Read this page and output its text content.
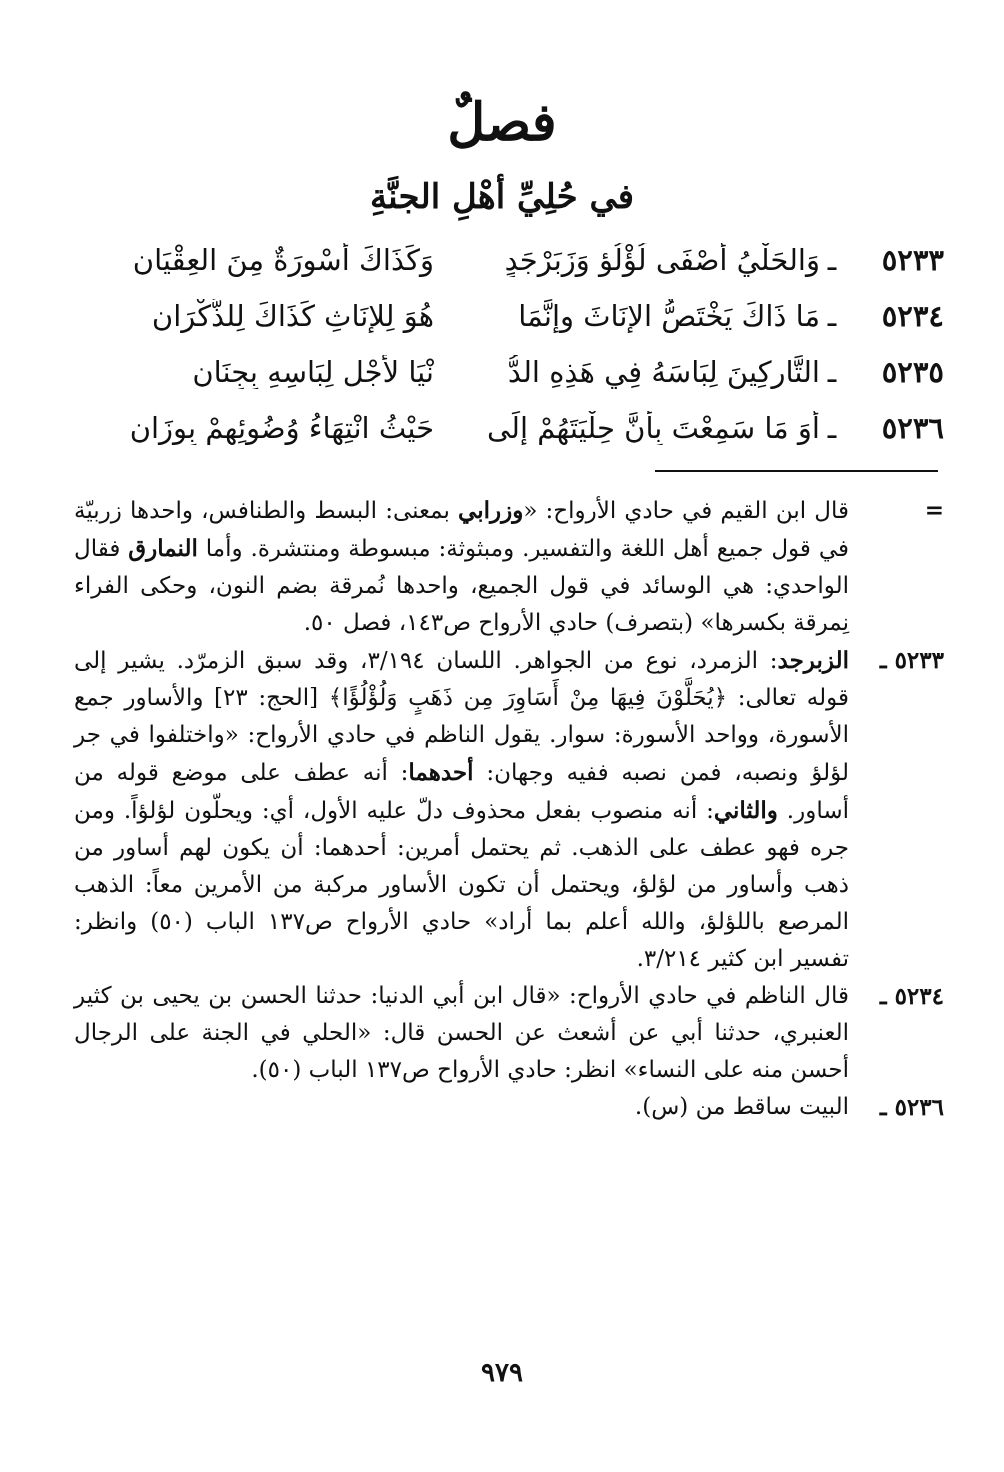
فصلٌ
في حُلِيِّ أهْلِ الجنَّةِ
٥٢٣٣
ـ
وَالحَلْيُ أَصْفَى لُؤْلُؤٍ وَزَبَرْجَدٍ
وَكَذَاكَ أَسْوِرَةٌ مِنَ العِقْيَانِ
٥٢٣٤
ـ
مَا ذَاكَ يَخْتَصُّ الإنَاثَ وإنَّمَا
هُوَ لِلإنَاثِ كَذَاكَ لِلذُّكْرَانِ
٥٢٣٥
ـ
التَّارِكِينَ لِبَاسَهُ فِي هَذِهِ الدُّ
نْيَا لأجْلِ لِبَاسِهِ بِجِنَانِ
٥٢٣٦
ـ
أوَ مَا سَمِعْتَ بِأنَّ حِلْيَتَهُمْ إلَى
حَيْثُ انْتِهَاءُ وُضُوئِهِمْ بِوزَانِ
=
قال ابن القيم في حادي الأرواح: «وزرابي بمعنى: البسط والطنافس، واحدها زربيّة في قول جميع أهل اللغة والتفسير. ومبثوثة: مبسوطة ومنتشرة. وأما النمارق فقال الواحدي: هي الوسائد في قول الجميع، واحدها نُمرقة بضم النون، وحكى الفراء نِمرقة بكسرها» (بتصرف) حادي الأرواح ص١٤٣، فصل ٥٠.
٥٢٣٣ ـ
الزبرجد: الزمرد، نوع من الجواهر. اللسان ٣/١٩٤، وقد سبق الزمرّد. يشير إلى قوله تعالى: ﴿يُحَلَّوْنَ فِيهَا مِنْ أَسَاوِرَ مِن ذَهَبٍ وَلُؤْلُؤًا﴾ [الحج: ٢٣] والأساور جمع الأسورة، وواحد الأسورة: سوار. يقول الناظم في حادي الأرواح: «واختلفوا في جر لؤلؤ ونصبه، فمن نصبه ففيه وجهان: أحدهما: أنه عطف على موضع قوله من أساور. والثاني: أنه منصوب بفعل محذوف دلّ عليه الأول، أي: ويحلّون لؤلؤاً. ومن جره فهو عطف على الذهب. ثم يحتمل أمرين: أحدهما: أن يكون لهم أساور من ذهب وأساور من لؤلؤ، ويحتمل أن تكون الأساور مركبة من الأمرين معاً: الذهب المرصع باللؤلؤ، والله أعلم بما أراد» حادي الأرواح ص١٣٧ الباب (٥٠) وانظر: تفسير ابن كثير ٣/٢١٤.
٥٢٣٤ ـ
قال الناظم في حادي الأرواح: «قال ابن أبي الدنيا: حدثنا الحسن بن يحيى بن كثير العنبري، حدثنا أبي عن أشعث عن الحسن قال: «الحلي في الجنة على الرجال أحسن منه على النساء» انظر: حادي الأرواح ص١٣٧ الباب (٥٠).
٥٢٣٦ ـ
البيت ساقط من (س).
٩٧٩
